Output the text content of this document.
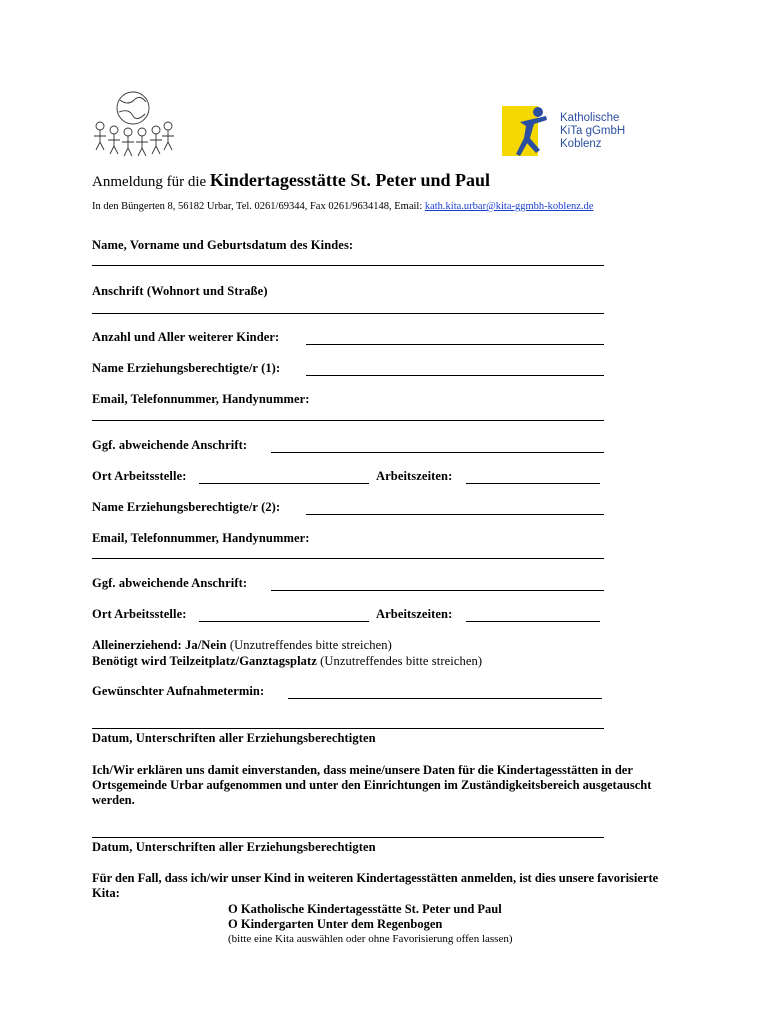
Katholische
KiTa gGmbH
Koblenz
Anmeldung für die Kindertagesstätte St. Peter und Paul
In den Büngerten 8, 56182 Urbar, Tel. 0261/69344, Fax 0261/9634148, Email: kath.kita.urbar@kita-ggmbh-koblenz.de
Name, Vorname und Geburtsdatum des Kindes:
Anschrift (Wohnort und Straße)
Anzahl und Aller weiterer Kinder:
Name Erziehungsberechtigte/r (1):
Email, Telefonnummer, Handynummer:
Ggf. abweichende Anschrift:
Ort Arbeitsstelle:	Arbeitszeiten:
Name Erziehungsberechtigte/r (2):
Email, Telefonnummer, Handynummer:
Ggf. abweichende Anschrift:
Ort Arbeitsstelle:	Arbeitszeiten:
Alleinerziehend: Ja/Nein (Unzutreffendes bitte streichen)
Benötigt wird Teilzeitplatz/Ganztagsplatz (Unzutreffendes bitte streichen)
Gewünschter Aufnahmetermin:
Datum, Unterschriften aller Erziehungsberechtigten
Ich/Wir erklären uns damit einverstanden, dass meine/unsere Daten für die Kindertagesstätten in der Ortsgemeinde Urbar aufgenommen und unter den Einrichtungen im Zuständigkeitsbereich ausgetauscht werden.
Datum, Unterschriften aller Erziehungsberechtigten
Für den Fall, dass ich/wir unser Kind in weiteren Kindertagesstätten anmelden, ist dies unsere favorisierte Kita:
O Katholische Kindertagesstätte St. Peter und Paul
O Kindergarten Unter dem Regenbogen
(bitte eine Kita auswählen oder ohne Favorisierung offen lassen)
